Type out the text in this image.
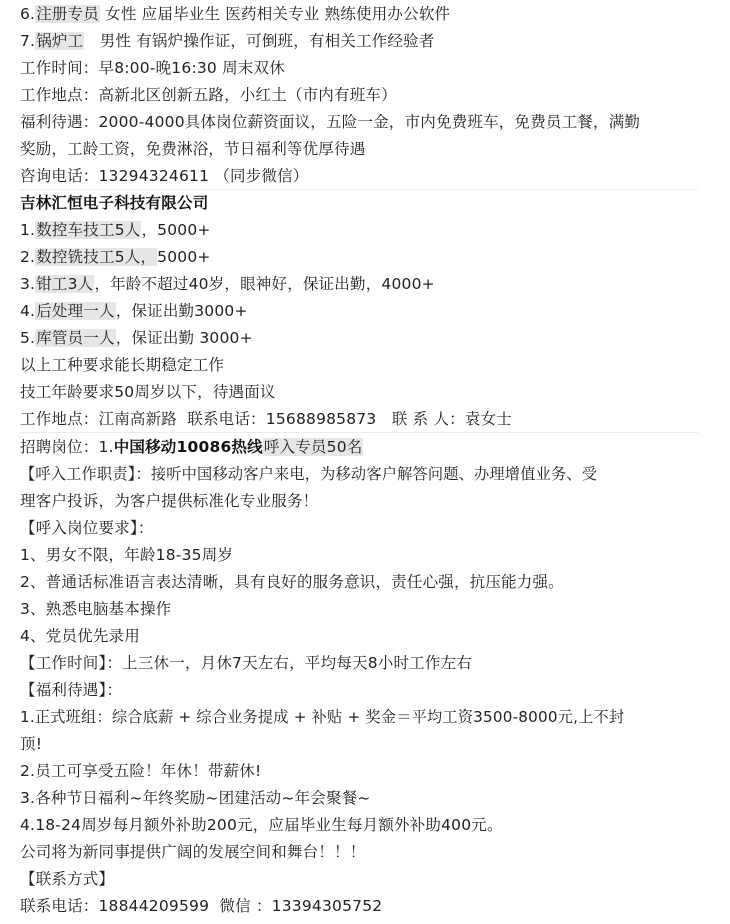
6.注册专员 女性 应届毕业生 医药相关专业 熟练使用办公软件
7.锅炉工   男性 有锅炉操作证，可倒班，有相关工作经验者
工作时间：早8:00-晚16:30 周末双休
工作地点：高新北区创新五路，小红土（市内有班车）
福利待遇：2000-4000具体岗位薪资面议，五险一金，市内免费班车，免费员工餐，满勤
奖励，工龄工资，免费淋浴，节日福利等优厚待遇
咨询电话：13294324611 （同步微信）
吉林汇恒电子科技有限公司
1.数控车技工5人，5000+
2.数控铣技工5人，5000+
3.钳工3人，年龄不超过40岁，眼神好，保证出勤，4000+
4.后处理一人，保证出勤3000+
5.库管员一人，保证出勤 3000+
以上工种要求能长期稳定工作
技工年龄要求50周岁以下，待遇面议
工作地点：江南高新路  联系电话：15688985873   联 系 人：袁女士
招聘岗位：1.中国移动10086热线呼入专员50名
【呼入工作职责】：接听中国移动客户来电，为移动客户解答问题、办理增值业务、受
理客户投诉，为客户提供标准化专业服务！
【呼入岗位要求】：
1、男女不限，年龄18-35周岁
2、普通话标准语言表达清晰，具有良好的服务意识，责任心强，抗压能力强。
3、熟悉电脑基本操作
4、党员优先录用
【工作时间】：上三休一，月休7天左右，平均每天8小时工作左右
【福利待遇】：
1.正式班组：综合底薪 + 综合业务提成 + 补贴 + 奖金＝平均工资3500-8000元,上不封
顶!
2.员工可享受五险！年休！带薪休!
3.各种节日福利~年终奖励~团建活动~年会聚餐~
4.18-24周岁每月额外补助200元，应届毕业生每月额外补助400元。
公司将为新同事提供广阔的发展空间和舞台！！！
【联系方式】
联系电话：18844209599  微信 ：13394305752
